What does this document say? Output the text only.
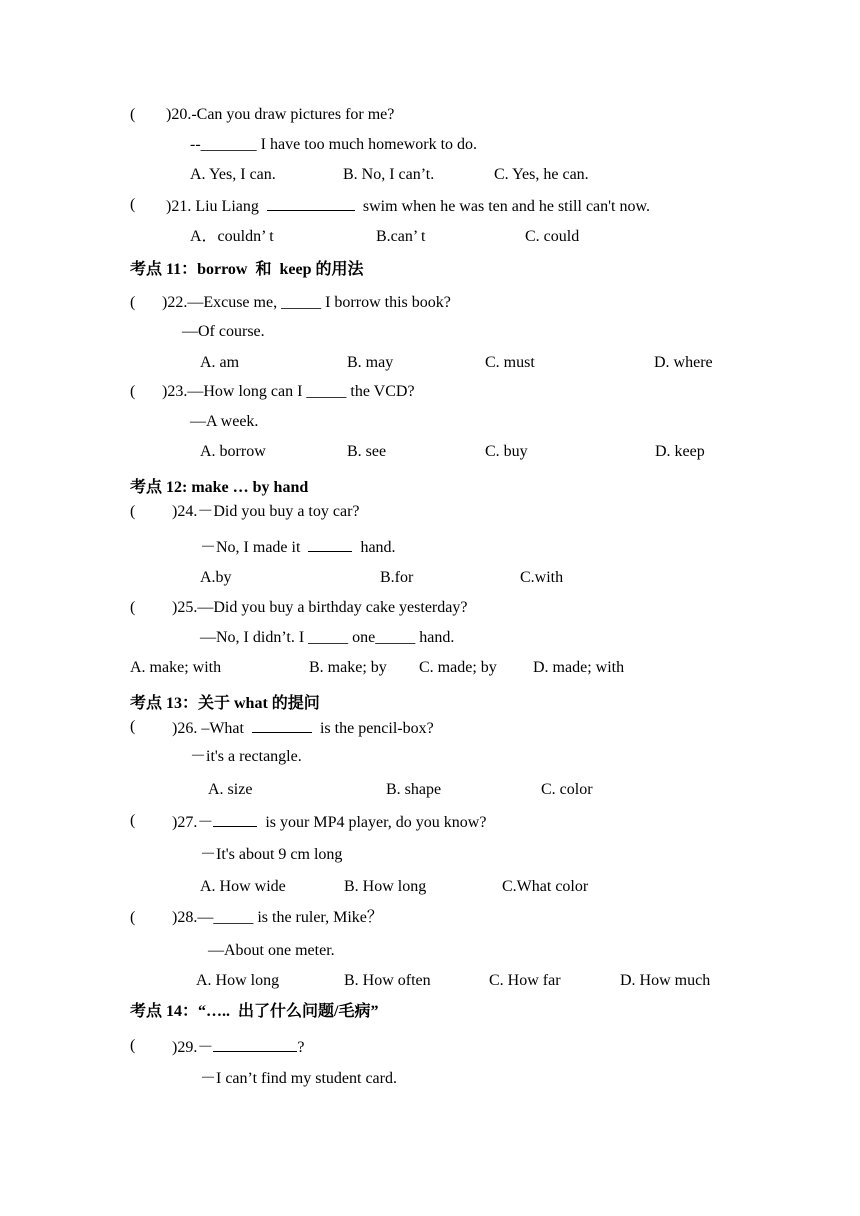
( )20.-Can you draw pictures for me?
--_______ I have too much homework to do.
A. Yes, I can.	B. No, I can’t.	C. Yes, he can.
( )21. Liu Liang	swim when he was ten and he still can't now.
A．couldn’ t	B.can’ t	C. could
考点 11：borrow  和  keep 的用法
( )22.—Excuse me, _____ I borrow this book?
—Of course.
A. am	B. may	C. must	D. where
( )23.—How long can I _____ the VCD?
—A week.
A. borrow	B. see	C. buy	D. keep
考点 12: make … by hand
( )24.－Did you buy a toy car?
－No, I made it	hand.
A.by	B.for	C.with
( )25.—Did you buy a birthday cake yesterday?
—No, I didn’t. I _____ one_____ hand.
A. make; with	B. make; by C. made; by D. made; with
考点 13：关于 what 的提问
( )26. –What	is the pencil-box?
－it's a rectangle.
A. size	B. shape	C. color
( )27.－	is your MP4 player, do you know?
－It's about 9 cm long
A. How wide	B. How long	C.What color
( )28.—_____ is the ruler, Mike？
—About one meter.
A. How long	B. How often	C. How far	D. How much
考点 14：“…..  出了什么问题/毛病”
( )29.－	?
－I can’t find my student card.
